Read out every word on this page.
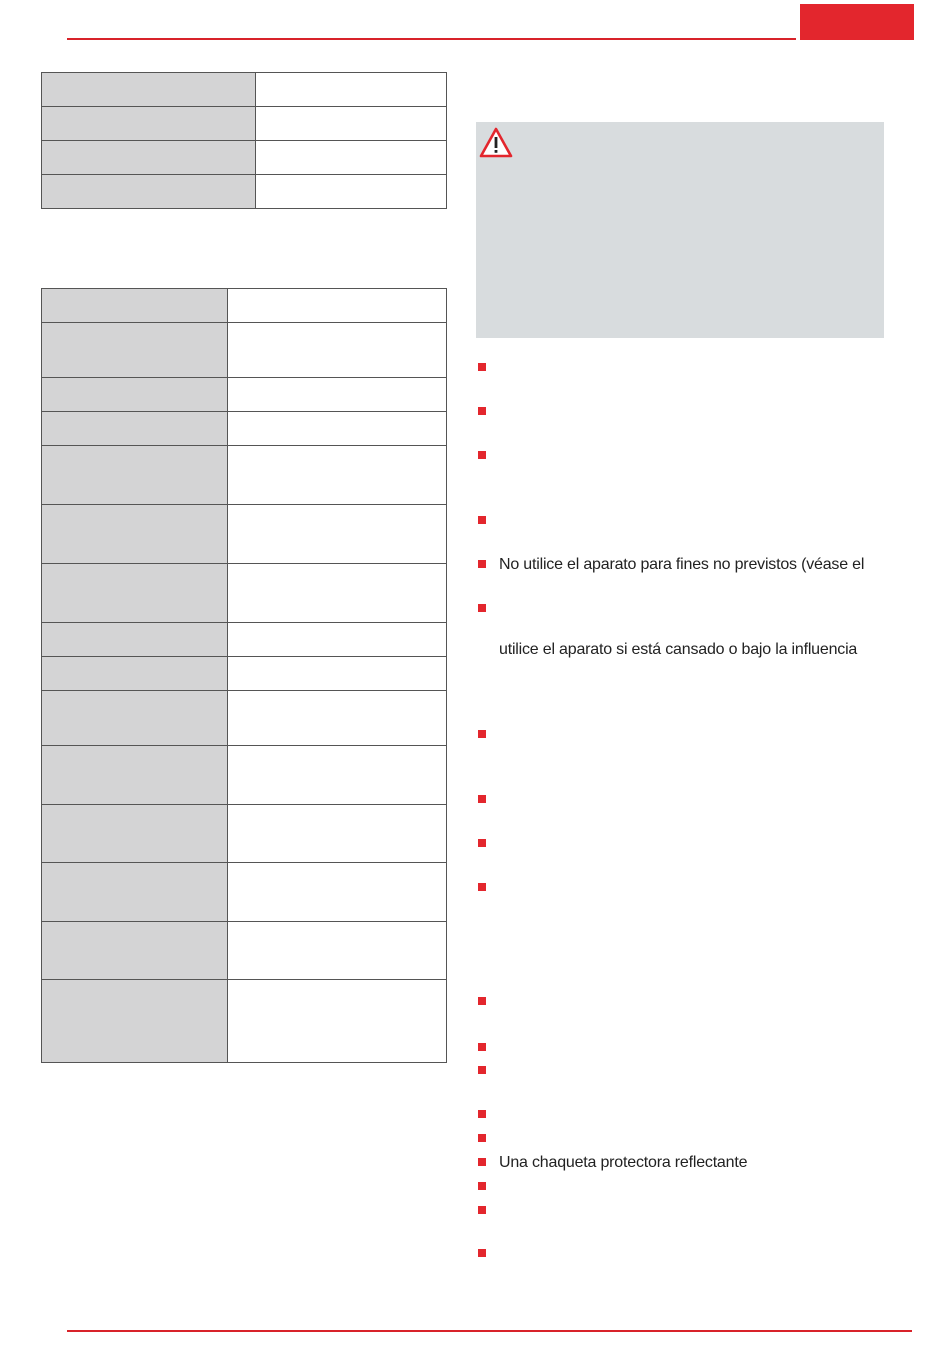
No utilice el aparato para fines no previstos (véase el
utilice el aparato si está cansado o bajo la influencia
Una chaqueta protectora reflectante
